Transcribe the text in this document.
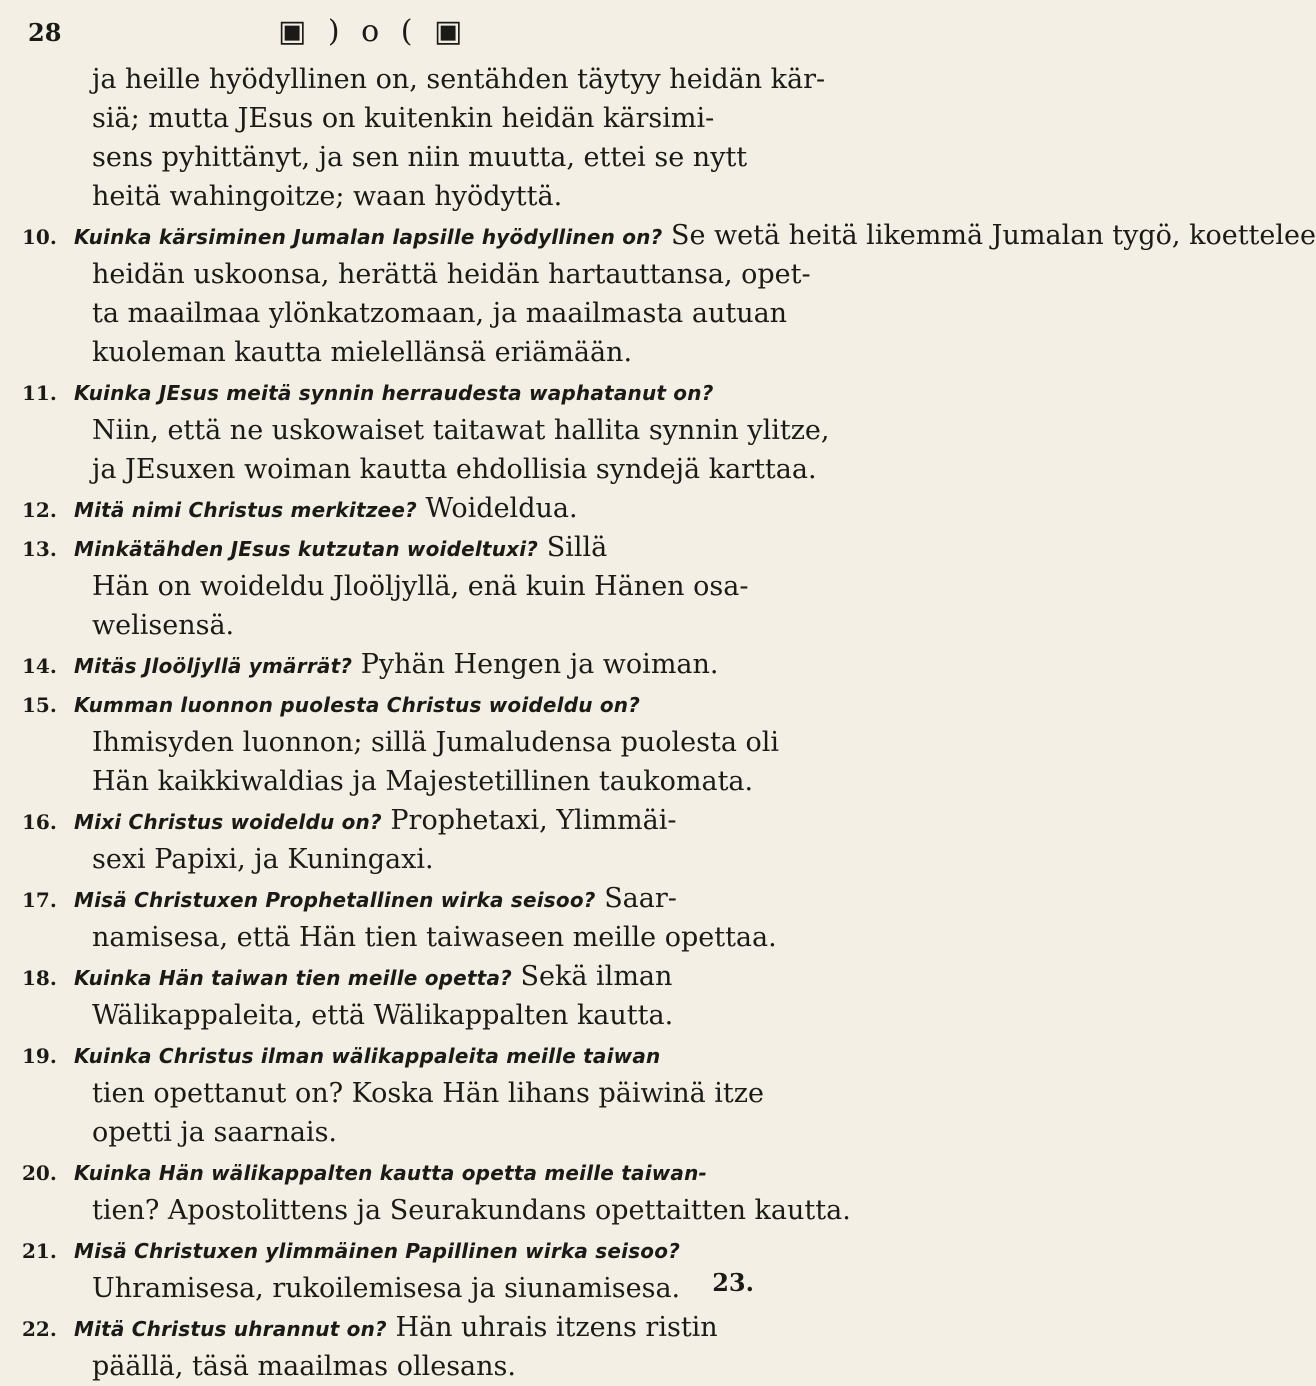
28	▣ ) o ( ▣
ja heille hyödyllinen on, sentähden täytyy heidän kär-
siä; mutta JEsus on kuitenkin heidän kärsimi-
sens pyhittänyt, ja sen niin muutta, ettei se nytt
heitä wahingoitze; waan hyödyttä.
10. Kuinka kärsiminen Jumalan lapsille hyödyllinen on? Se wetä heitä likemmä Jumalan tygö, koettelee
heidän uskoonsa, herättä heidän hartauttansa, opet-
ta maailmaa ylönkatzomaan, ja maailmasta autuan
kuoleman kautta mielellänsä eriämään.
11. Kuinka JEsus meitä synnin herraudesta waphatanut on?
Niin, että ne uskowaiset taitawat hallita synnin ylitze,
ja JEsuxen woiman kautta ehdollisia syndejä karttaa.
12. Mitä nimi Christus merkitzee? Woideldua.
13. Minkätähden JEsus kutzutan woideltuxi? Sillä
Hän on woideldu Jloöljyllä, enä kuin Hänen osa-
welisensä.
14. Mitäs Jloöljyllä ymärrät? Pyhän Hengen ja woiman.
15. Kumman luonnon puolesta Christus woideldu on?
Ihmisyden luonnon; sillä Jumaludensa puolesta oli
Hän kaikkiwaldias ja Majestetillinen taukomata.
16. Mixi Christus woideldu on? Prophetaxi, Ylimmäi-
sexi Papixi, ja Kuningaxi.
17. Misä Christuxen Prophetallinen wirka seisoo? Saar-
namisesa, että Hän tien taiwaseen meille opettaa.
18. Kuinka Hän taiwan tien meille opetta? Sekä ilman
Wälikappaleita, että Wälikappalten kautta.
19. Kuinka Christus ilman wälikappaleita meille taiwan
tien opettanut on? Koska Hän lihans päiwinä itze
opetti ja saarnais.
20. Kuinka Hän wälikappalten kautta opetta meille taiwan-
tien? Apostolittens ja Seurakundans opettaitten kautta.
21. Misä Christuxen ylimmäinen Papillinen wirka seisoo?
Uhramisesa, rukoilemisesa ja siunamisesa.
22. Mitä Christus uhrannut on? Hän uhrais itzens ristin
päällä, täsä maailmas ollesans.
23.
